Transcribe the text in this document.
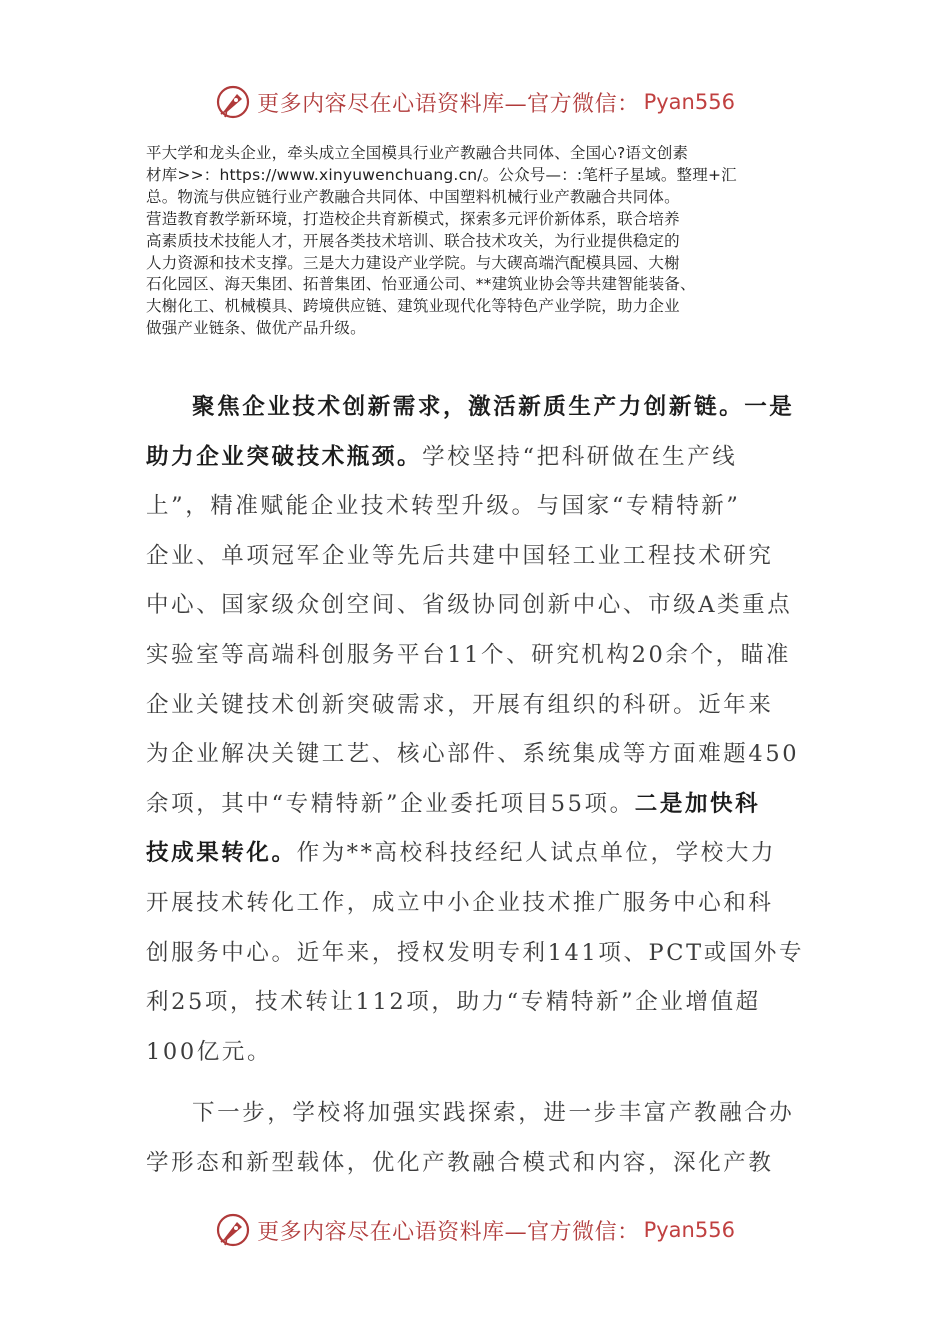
更多内容尽在心语资料库—官方微信： Pyan556
平大学和龙头企业，牵头成立全国模具行业产教融合共同体、全国心?语文创素
材库>>：https://www.xinyuwenchuang.cn/。公众号—：:笔杆子星域。整理+汇
总。物流与供应链行业产教融合共同体、中国塑料机械行业产教融合共同体。
营造教育教学新环境，打造校企共育新模式，探索多元评价新体系，联合培养
高素质技术技能人才，开展各类技术培训、联合技术攻关，为行业提供稳定的
人力资源和技术支撑。三是大力建设产业学院。与大碶高端汽配模具园、大榭
石化园区、海天集团、拓普集团、怡亚通公司、**建筑业协会等共建智能装备、
大榭化工、机械模具、跨境供应链、建筑业现代化等特色产业学院，助力企业
做强产业链条、做优产品升级。
聚焦企业技术创新需求，激活新质生产力创新链。一是
助力企业突破技术瓶颈。学校坚持“把科研做在生产线
上”，精准赋能企业技术转型升级。与国家“专精特新”
企业、单项冠军企业等先后共建中国轻工业工程技术研究
中心、国家级众创空间、省级协同创新中心、市级A类重点
实验室等高端科创服务平台11个、研究机构20余个，瞄准
企业关键技术创新突破需求，开展有组织的科研。近年来
为企业解决关键工艺、核心部件、系统集成等方面难题450
余项，其中“专精特新”企业委托项目55项。二是加快科
技成果转化。作为**高校科技经纪人试点单位，学校大力
开展技术转化工作，成立中小企业技术推广服务中心和科
创服务中心。近年来，授权发明专利141项、PCT或国外专
利25项，技术转让112项，助力“专精特新”企业增值超
100亿元。
下一步，学校将加强实践探索，进一步丰富产教融合办
学形态和新型载体，优化产教融合模式和内容，深化产教
更多内容尽在心语资料库—官方微信： Pyan556
